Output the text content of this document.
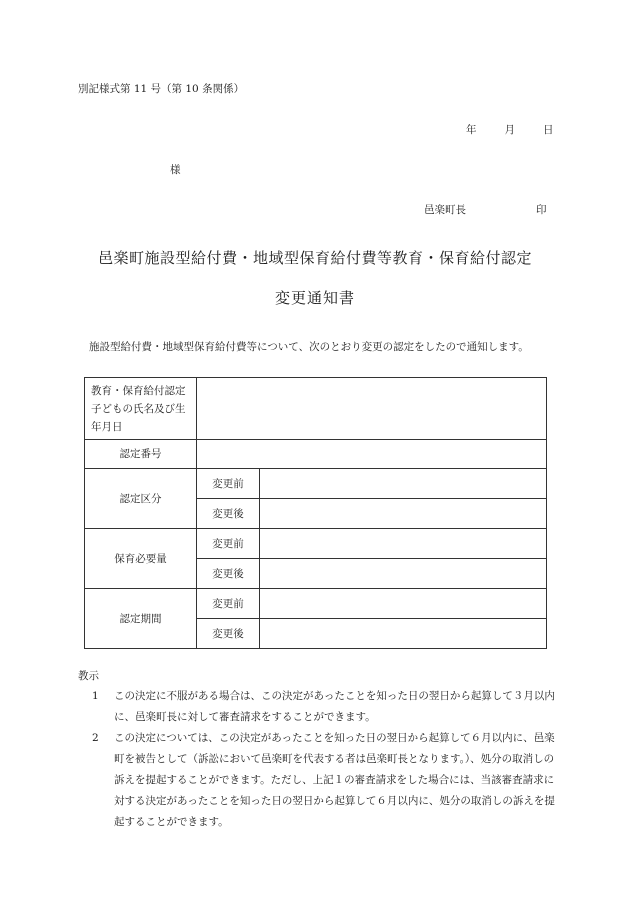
別記様式第 11 号（第 10 条関係）
年	月	日
様
邑楽町長	印
邑楽町施設型給付費・地域型保育給付費等教育・保育給付認定
変更通知書
施設型給付費・地域型保育給付費等について、次のとおり変更の認定をしたので通知します。
教育・保育給付認定子どもの氏名及び生年月日		
認定番号		
認定区分	変更前	
	変更後	
保育必要量	変更前	
	変更後	
認定期間	変更前	
	変更後	
教示
1	この決定に不服がある場合は、この決定があったことを知った日の翌日から起算して３月以内に、邑楽町長に対して審査請求をすることができます。
2	この決定については、この決定があったことを知った日の翌日から起算して６月以内に、邑楽町を被告として（訴訟において邑楽町を代表する者は邑楽町長となります。）、処分の取消しの訴えを提起することができます。ただし、上記１の審査請求をした場合には、当該審査請求に対する決定があったことを知った日の翌日から起算して６月以内に、処分の取消しの訴えを提起することができます。
